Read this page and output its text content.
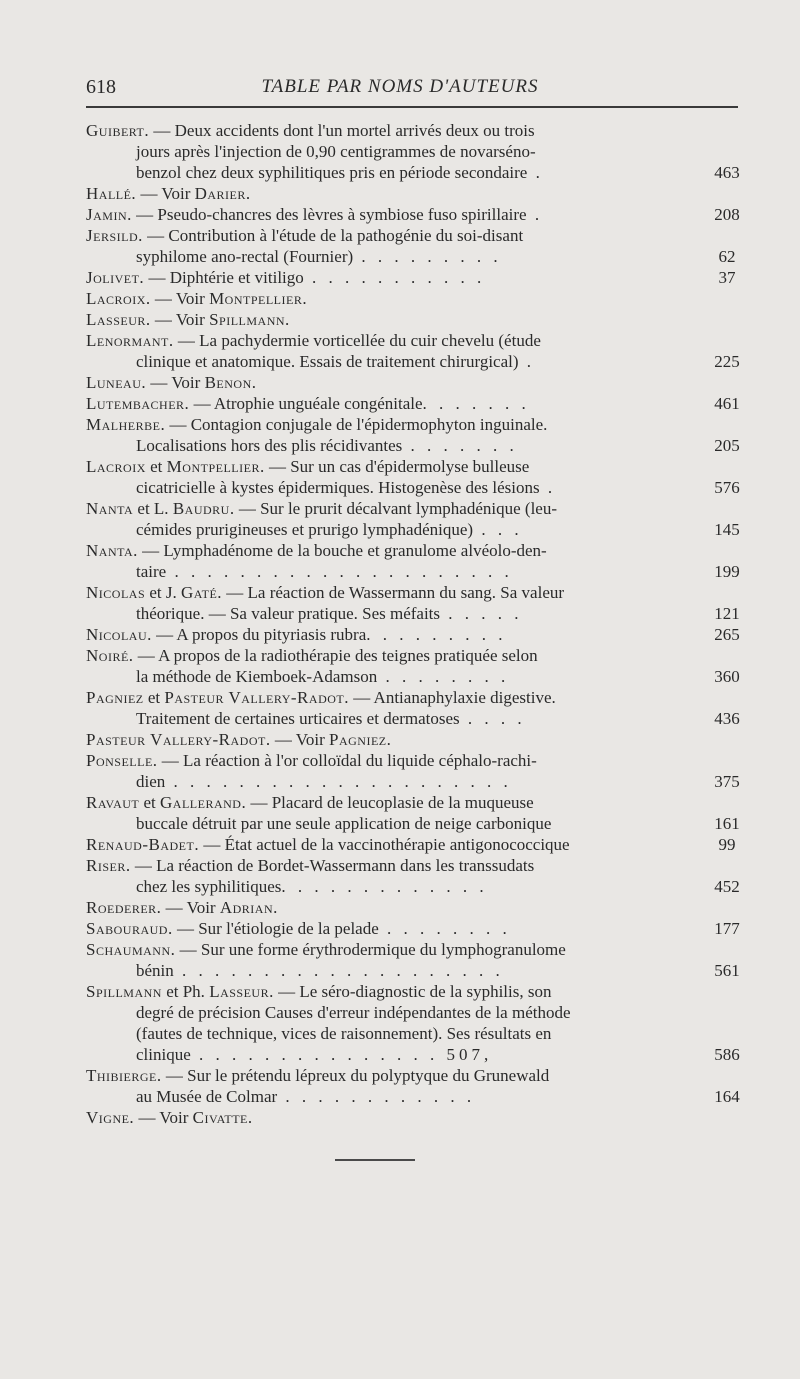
618	TABLE PAR NOMS D'AUTEURS
Guibert. — Deux accidents dont l'un mortel arrivés deux ou trois
jours après l'injection de 0,90 centigrammes de novarséno-
benzol chez deux syphilitiques pris en période secondaire .	463
Hallé. — Voir Darier.
Jamin. — Pseudo-chancres des lèvres à symbiose fuso spirillaire .	208
Jersild. — Contribution à l'étude de la pathogénie du soi-disant
syphilome ano-rectal (Fournier) . . . . . . . . .	62
Jolivet. — Diphtérie et vitiligo . . . . . . . . . . .	37
Lacroix. — Voir Montpellier.
Lasseur. — Voir Spillmann.
Lenormant. — La pachydermie vorticellée du cuir chevelu (étude
clinique et anatomique. Essais de traitement chirurgical) .	225
Luneau. — Voir Benon.
Lutembacher. — Atrophie unguéale congénitale. . . . . . .	461
Malherbe. — Contagion conjugale de l'épidermophyton inguinale.
Localisations hors des plis récidivantes . . . . . . .	205
Lacroix et Montpellier. — Sur un cas d'épidermolyse bulleuse
cicatricielle à kystes épidermiques. Histogenèse des lésions .	576
Nanta et L. Baudru. — Sur le prurit décalvant lymphadénique (leu-
cémides prurigineuses et prurigo lymphadénique) . . .	145
Nanta. — Lymphadénome de la bouche et granulome alvéolo-den-
taire . . . . . . . . . . . . . . . . . . . . .	199
Nicolas et J. Gaté. — La réaction de Wassermann du sang. Sa valeur
théorique. — Sa valeur pratique. Ses méfaits . . . . .	121
Nicolau. — A propos du pityriasis rubra. . . . . . . . .	265
Noiré. — A propos de la radiothérapie des teignes pratiquée selon
la méthode de Kiemboek-Adamson . . . . . . . .	360
Pagniez et Pasteur Vallery-Radot. — Antianaphylaxie digestive.
Traitement de certaines urticaires et dermatoses . . . .	436
Pasteur Vallery-Radot. — Voir Pagniez.
Ponselle. — La réaction à l'or colloïdal du liquide céphalo-rachi-
dien . . . . . . . . . . . . . . . . . . . . .	375
Ravaut et Gallerand. — Placard de leucoplasie de la muqueuse
buccale détruit par une seule application de neige carbonique	161
Renaud-Badet. — État actuel de la vaccinothérapie antigonococcique	99
Riser. — La réaction de Bordet-Wassermann dans les transsudats
chez les syphilitiques. . . . . . . . . . . . .	452
Roederer. — Voir Adrian.
Sabouraud. — Sur l'étiologie de la pelade . . . . . . . .	177
Schaumann. — Sur une forme érythrodermique du lymphogranulome
bénin . . . . . . . . . . . . . . . . . . . .	561
Spillmann et Ph. Lasseur. — Le séro-diagnostic de la syphilis, son
degré de précision Causes d'erreur indépendantes de la méthode
(fautes de technique, vices de raisonnement). Ses résultats en
clinique . . . . . . . . . . . . . . . 507,	586
Thibierge. — Sur le prétendu lépreux du polyptyque du Grunewald
au Musée de Colmar . . . . . . . . . . . .	164
Vigne. — Voir Civatte.
